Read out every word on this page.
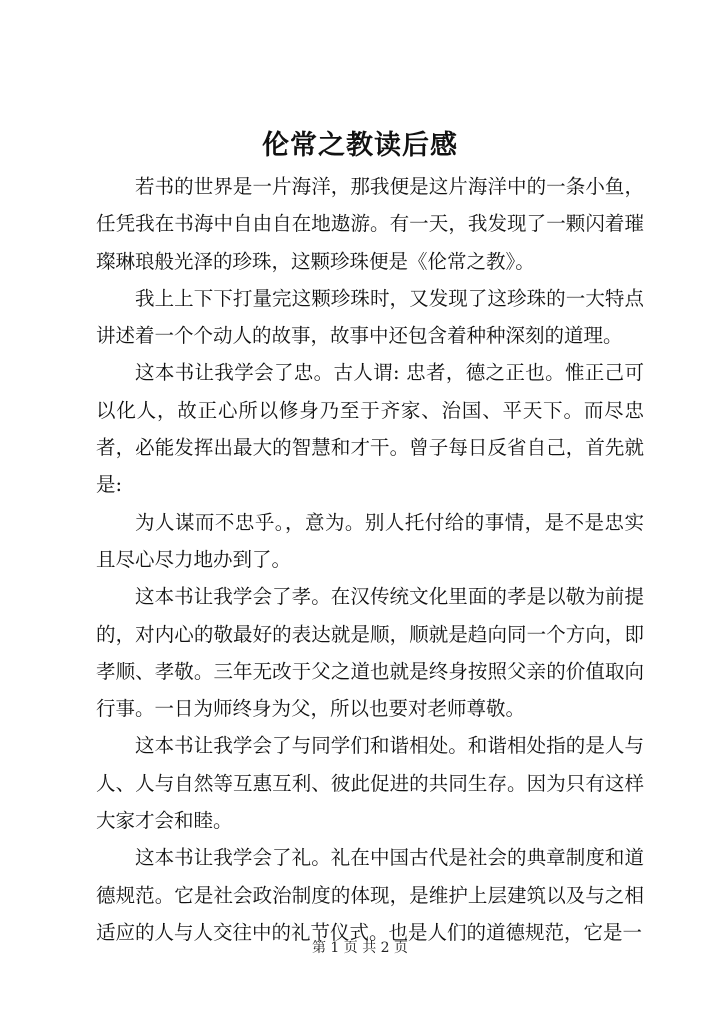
伦常之教读后感

若书的世界是一片海洋，那我便是这片海洋中的一条小鱼，任凭我在书海中自由自在地遨游。有一天，我发现了一颗闪着璀璨琳琅般光泽的珍珠，这颗珍珠便是《伦常之教》。

我上上下下打量完这颗珍珠时，又发现了这珍珠的一大特点讲述着一个个动人的故事，故事中还包含着种种深刻的道理。

这本书让我学会了忠。古人谓: 忠者，德之正也。惟正己可以化人，故正心所以修身乃至于齐家、治国、平天下。而尽忠者，必能发挥出最大的智慧和才干。曾子每日反省自己，首先就是:

为人谋而不忠乎。，意为。别人托付给的事情，是不是忠实且尽心尽力地办到了。

这本书让我学会了孝。在汉传统文化里面的孝是以敬为前提的，对内心的敬最好的表达就是顺，顺就是趋向同一个方向，即孝顺、孝敬。三年无改于父之道也就是终身按照父亲的价值取向行事。一日为师终身为父，所以也要对老师尊敬。

这本书让我学会了与同学们和谐相处。和谐相处指的是人与人、人与自然等互惠互利、彼此促进的共同生存。因为只有这样大家才会和睦。

这本书让我学会了礼。礼在中国古代是社会的典章制度和道德规范。它是社会政治制度的体现，是维护上层建筑以及与之相适应的人与人交往中的礼节仪式。也是人们的道德规范，它是一

第 1 页 共 2 页
